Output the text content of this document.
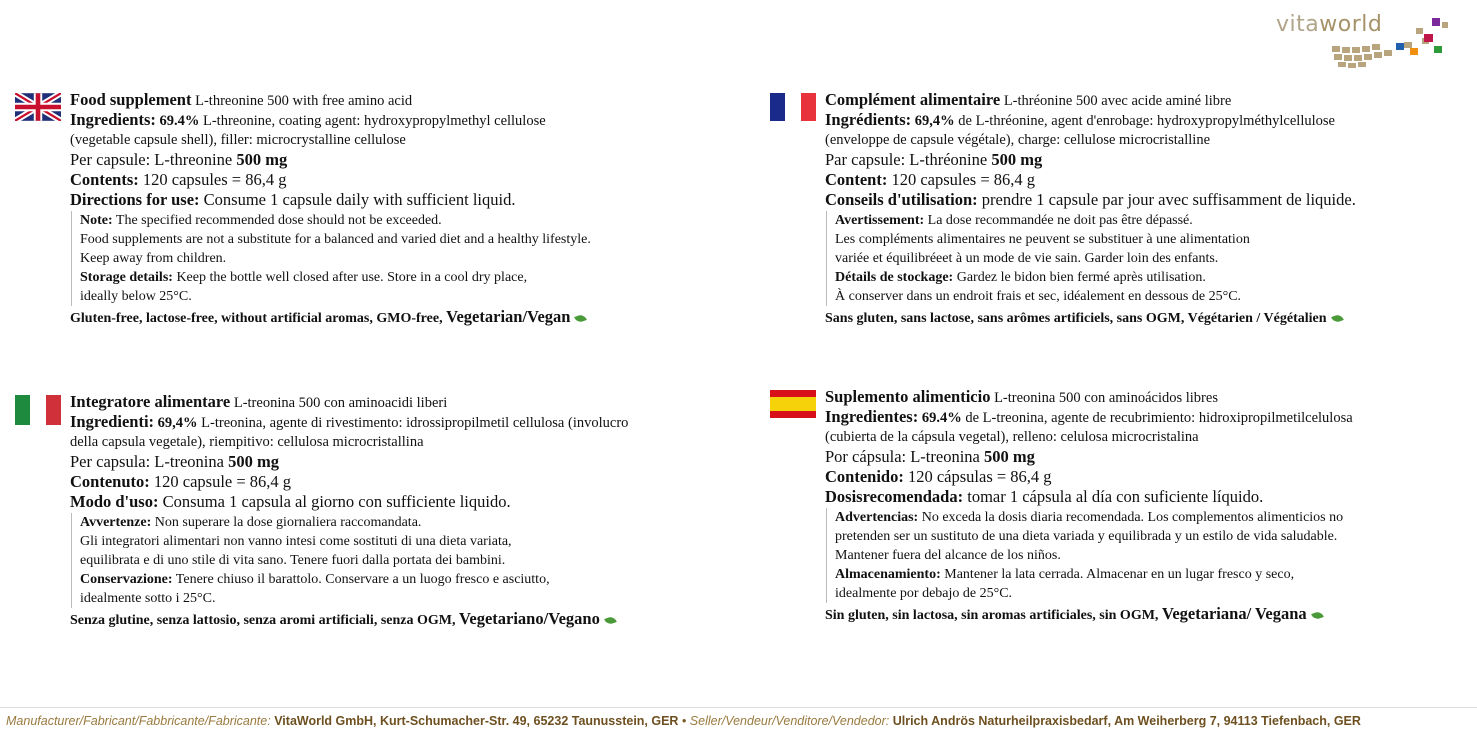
vitaworld
Food supplement L-threonine 500 with free amino acid
Ingredients: 69.4% L-threonine, coating agent: hydroxypropylmethyl cellulose
(vegetable capsule shell), filler: microcrystalline cellulose
Per capsule: L-threonine 500 mg
Contents: 120 capsules = 86,4 g
Directions for use: Consume 1 capsule daily with sufficient liquid.
Note: The specified recommended dose should not be exceeded.
Food supplements are not a substitute for a balanced and varied diet and a healthy lifestyle.
Keep away from children.
Storage details: Keep the bottle well closed after use. Store in a cool dry place,
ideally below 25°C.
Gluten-free, lactose-free, without artificial aromas, GMO-free, Vegetarian/Vegan
Complément alimentaire L-thréonine 500 avec acide aminé libre
Ingrédients: 69,4% de L-thréonine, agent d'enrobage: hydroxypropylméthylcellulose
(enveloppe de capsule végétale), charge: cellulose microcristalline
Par capsule: L-thréonine 500 mg
Content: 120 capsules = 86,4 g
Conseils d'utilisation: prendre 1 capsule par jour avec suffisamment de liquide.
Avertissement: La dose recommandée ne doit pas être dépassé.
Les compléments alimentaires ne peuvent se substituer à une alimentation
variée et équilibréeet à un mode de vie sain. Garder loin des enfants.
Détails de stockage: Gardez le bidon bien fermé après utilisation.
À conserver dans un endroit frais et sec, idéalement en dessous de 25°C.
Sans gluten, sans lactose, sans arômes artificiels, sans OGM, Végétarien / Végétalien
Integratore alimentare L-treonina 500 con aminoacidi liberi
Ingredienti: 69,4% L-treonina, agente di rivestimento: idrossipropilmetil cellulosa (involucro
della capsula vegetale), riempitivo: cellulosa microcristallina
Per capsula: L-treonina 500 mg
Contenuto: 120 capsule = 86,4 g
Modo d'uso: Consuma 1 capsula al giorno con sufficiente liquido.
Avvertenze: Non superare la dose giornaliera raccomandata.
Gli integratori alimentari non vanno intesi come sostituti di una dieta variata,
equilibrata e di uno stile di vita sano. Tenere fuori dalla portata dei bambini.
Conservazione: Tenere chiuso il barattolo. Conservare a un luogo fresco e asciutto,
idealmente sotto i 25°C.
Senza glutine, senza lattosio, senza aromi artificiali, senza OGM, Vegetariano/Vegano
Suplemento alimenticio L-treonina 500 con aminoácidos libres
Ingredientes: 69.4% de L-treonina, agente de recubrimiento: hidroxipropilmetilcelulosa
(cubierta de la cápsula vegetal), relleno: celulosa microcristalina
Por cápsula: L-treonina 500 mg
Contenido: 120 cápsulas = 86,4 g
Dosisrecomendada: tomar 1 cápsula al día con suficiente líquido.
Advertencias: No exceda la dosis diaria recomendada. Los complementos alimenticios no
pretenden ser un sustituto de una dieta variada y equilibrada y un estilo de vida saludable.
Mantener fuera del alcance de los niños.
Almacenamiento: Mantener la lata cerrada. Almacenar en un lugar fresco y seco,
idealmente por debajo de 25°C.
Sin gluten, sin lactosa, sin aromas artificiales, sin OGM, Vegetariana/ Vegana
Manufacturer/Fabricant/Fabbricante/Fabricante: VitaWorld GmbH, Kurt-Schumacher-Str. 49, 65232 Taunusstein, GER • Seller/Vendeur/Venditore/Vendedor: Ulrich Andrös Naturheilpraxisbedarf, Am Weiherberg 7, 94113 Tiefenbach, GER
